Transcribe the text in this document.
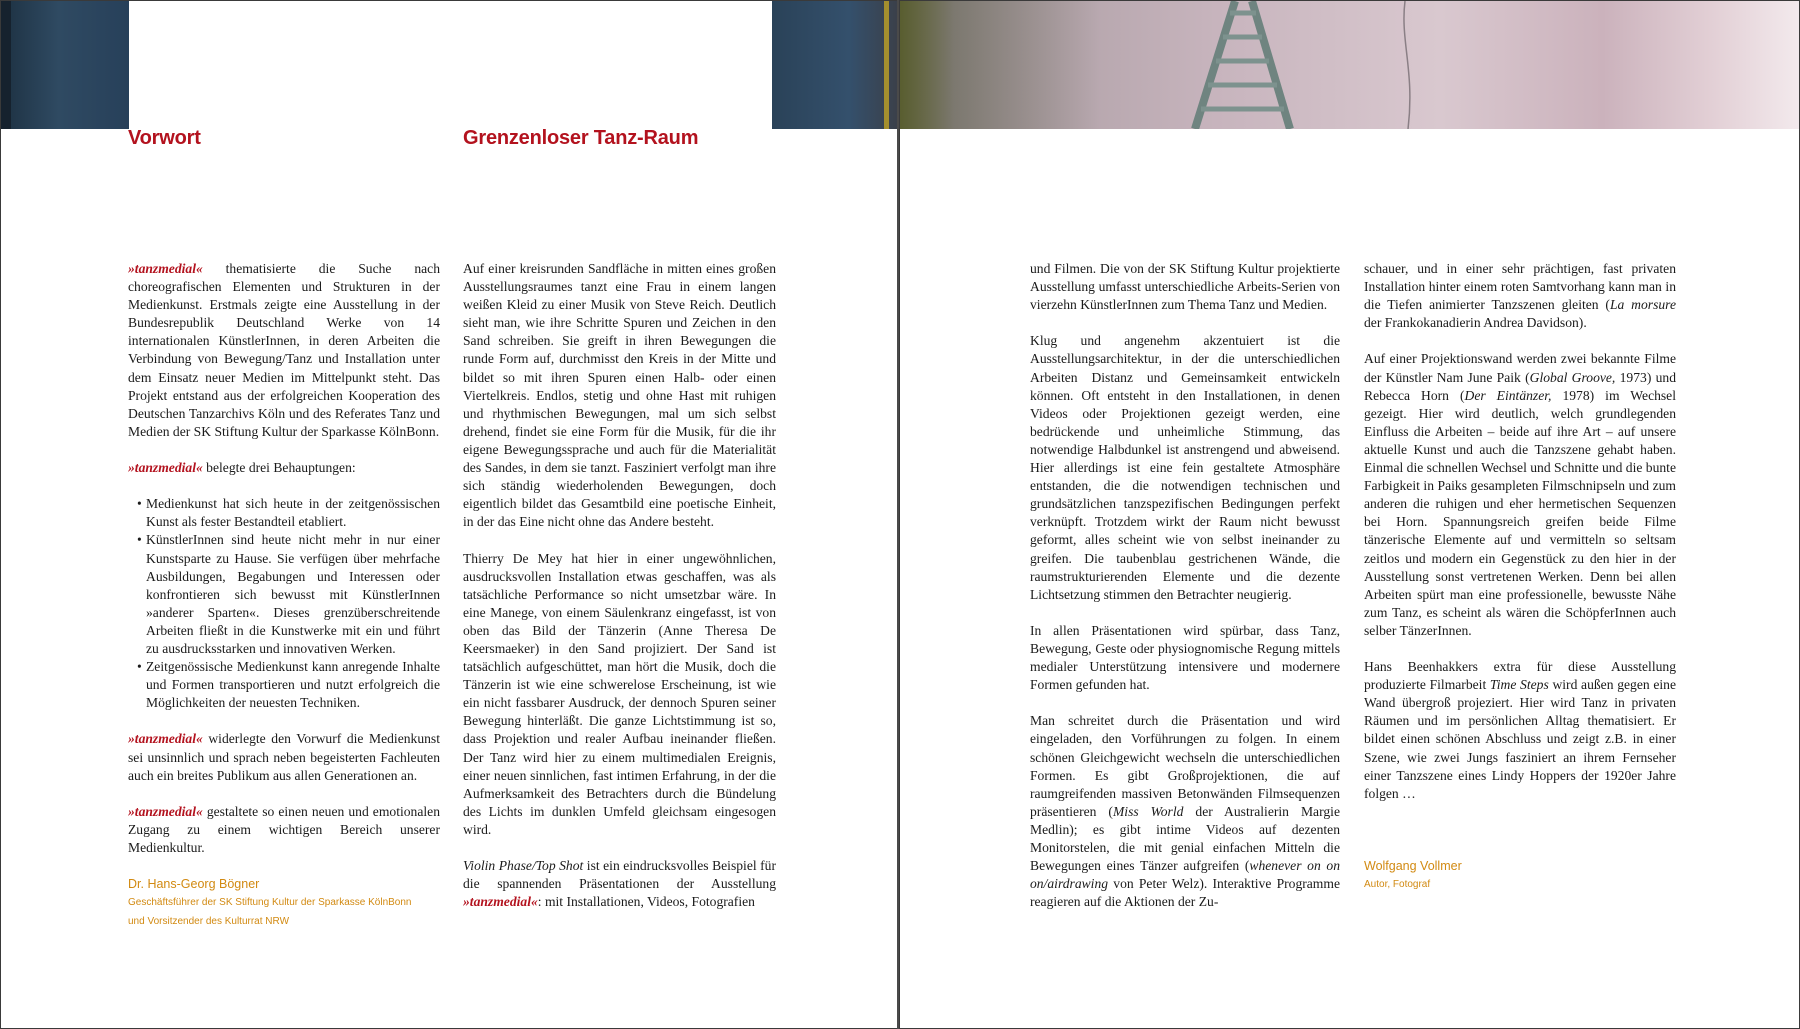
Vorwort	Grenzenloser Tanz-Raum

»tanzmedial« thematisierte die Suche nach choreografischen Elementen und Strukturen in der Medienkunst. Erstmals zeigte eine Ausstellung in der Bundesrepublik Deutschland Werke von 14 internationalen KünstlerInnen, in deren Arbeiten die Verbindung von Bewegung/Tanz und Installation unter dem Einsatz neuer Medien im Mittelpunkt steht. Das Projekt entstand aus der erfolgreichen Kooperation des Deutschen Tanzarchivs Köln und des Referates Tanz und Medien der SK Stiftung Kultur der Sparkasse KölnBonn.

»tanzmedial« belegte drei Behauptungen:

• Medienkunst hat sich heute in der zeitgenössischen Kunst als fester Bestandteil etabliert.
• KünstlerInnen sind heute nicht mehr in nur einer Kunstsparte zu Hause. Sie verfügen über mehrfache Ausbildungen, Begabungen und Interessen oder konfrontieren sich bewusst mit KünstlerInnen »anderer Sparten«. Dieses grenzüberschreitende Arbeiten fließt in die Kunstwerke mit ein und führt zu ausdrucksstarken und innovativen Werken.
• Zeitgenössische Medienkunst kann anregende Inhalte und Formen transportieren und nutzt erfolgreich die Möglichkeiten der neuesten Techniken.

»tanzmedial« widerlegte den Vorwurf die Medienkunst sei unsinnlich und sprach neben begeisterten Fachleuten auch ein breites Publikum aus allen Generationen an.

»tanzmedial« gestaltete so einen neuen und emotionalen Zugang zu einem wichtigen Bereich unserer Medienkultur.

Dr. Hans-Georg Bögner
Geschäftsführer der SK Stiftung Kultur der Sparkasse KölnBonn
und Vorsitzender des Kulturrat NRW

Auf einer kreisrunden Sandfläche in mitten eines großen Ausstellungsraumes tanzt eine Frau in einem langen weißen Kleid zu einer Musik von Steve Reich. Deutlich sieht man, wie ihre Schritte Spuren und Zeichen in den Sand schreiben. Sie greift in ihren Bewegungen die runde Form auf, durchmisst den Kreis in der Mitte und bildet so mit ihren Spuren einen Halb- oder einen Viertelkreis. Endlos, stetig und ohne Hast mit ruhigen und rhythmischen Bewegungen, mal um sich selbst drehend, findet sie eine Form für die Musik, für die ihr eigene Bewegungssprache und auch für die Materialität des Sandes, in dem sie tanzt. Fasziniert verfolgt man ihre sich ständig wiederholenden Bewegungen, doch eigentlich bildet das Gesamtbild eine poetische Einheit, in der das Eine nicht ohne das Andere besteht.

Thierry De Mey hat hier in einer ungewöhnlichen, ausdrucksvollen Installation etwas geschaffen, was als tatsächliche Performance so nicht umsetzbar wäre. In eine Manege, von einem Säulenkranz eingefasst, ist von oben das Bild der Tänzerin (Anne Theresa De Keersmaeker) in den Sand projiziert. Der Sand ist tatsächlich aufgeschüttet, man hört die Musik, doch die Tänzerin ist wie eine schwerelose Erscheinung, ist wie ein nicht fassbarer Ausdruck, der dennoch Spuren seiner Bewegung hinterläßt. Die ganze Lichtstimmung ist so, dass Projektion und realer Aufbau ineinander fließen. Der Tanz wird hier zu einem multimedialen Ereignis, einer neuen sinnlichen, fast intimen Erfahrung, in der die Aufmerksamkeit des Betrachters durch die Bündelung des Lichts im dunklen Umfeld gleichsam eingesogen wird.

Violin Phase/Top Shot ist ein eindrucksvolles Beispiel für die spannenden Präsentationen der Ausstellung »tanzmedial«: mit Installationen, Videos, Fotografien

und Filmen. Die von der SK Stiftung Kultur projektierte Ausstellung umfasst unterschiedliche Arbeits-Serien von vierzehn KünstlerInnen zum Thema Tanz und Medien.

Klug und angenehm akzentuiert ist die Ausstellungsarchitektur, in der die unterschiedlichen Arbeiten Distanz und Gemeinsamkeit entwickeln können. Oft entsteht in den Installationen, in denen Videos oder Projektionen gezeigt werden, eine bedrückende und unheimliche Stimmung, das notwendige Halbdunkel ist anstrengend und abweisend. Hier allerdings ist eine fein gestaltete Atmosphäre entstanden, die die notwendigen technischen und grundsätzlichen tanzspezifischen Bedingungen perfekt verknüpft. Trotzdem wirkt der Raum nicht bewusst geformt, alles scheint wie von selbst ineinander zu greifen. Die taubenblau gestrichenen Wände, die raumstrukturierenden Elemente und die dezente Lichtsetzung stimmen den Betrachter neugierig.

In allen Präsentationen wird spürbar, dass Tanz, Bewegung, Geste oder physiognomische Regung mittels medialer Unterstützung intensivere und modernere Formen gefunden hat.

Man schreitet durch die Präsentation und wird eingeladen, den Vorführungen zu folgen. In einem schönen Gleichgewicht wechseln die unterschiedlichen Formen. Es gibt Großprojektionen, die auf raumgreifenden massiven Betonwänden Filmsequenzen präsentieren (Miss World der Australierin Margie Medlin); es gibt intime Videos auf dezenten Monitorstelen, die mit genial einfachen Mitteln die Bewegungen eines Tänzer aufgreifen (whenever on on on/airdrawing von Peter Welz). Interaktive Programme reagieren auf die Aktionen der Zu-

schauer, und in einer sehr prächtigen, fast privaten Installation hinter einem roten Samtvorhang kann man in die Tiefen animierter Tanzszenen gleiten (La morsure der Frankokanadierin Andrea Davidson).

Auf einer Projektionswand werden zwei bekannte Filme der Künstler Nam June Paik (Global Groove, 1973) und Rebecca Horn (Der Eintänzer, 1978) im Wechsel gezeigt. Hier wird deutlich, welch grundlegenden Einfluss die Arbeiten – beide auf ihre Art – auf unsere aktuelle Kunst und auch die Tanzszene gehabt haben. Einmal die schnellen Wechsel und Schnitte und die bunte Farbigkeit in Paiks gesampleten Filmschnipseln und zum anderen die ruhigen und eher hermetischen Sequenzen bei Horn. Spannungsreich greifen beide Filme tänzerische Elemente auf und vermitteln so seltsam zeitlos und modern ein Gegenstück zu den hier in der Ausstellung sonst vertretenen Werken. Denn bei allen Arbeiten spürt man eine professionelle, bewusste Nähe zum Tanz, es scheint als wären die SchöpferInnen auch selber TänzerInnen.

Hans Beenhakkers extra für diese Ausstellung produzierte Filmarbeit Time Steps wird außen gegen eine Wand übergroß projeziert. Hier wird Tanz in privaten Räumen und im persönlichen Alltag thematisiert. Er bildet einen schönen Abschluss und zeigt z.B. in einer Szene, wie zwei Jungs fasziniert an ihrem Fernseher einer Tanzszene eines Lindy Hoppers der 1920er Jahre folgen …

Wolfgang Vollmer
Autor, Fotograf
